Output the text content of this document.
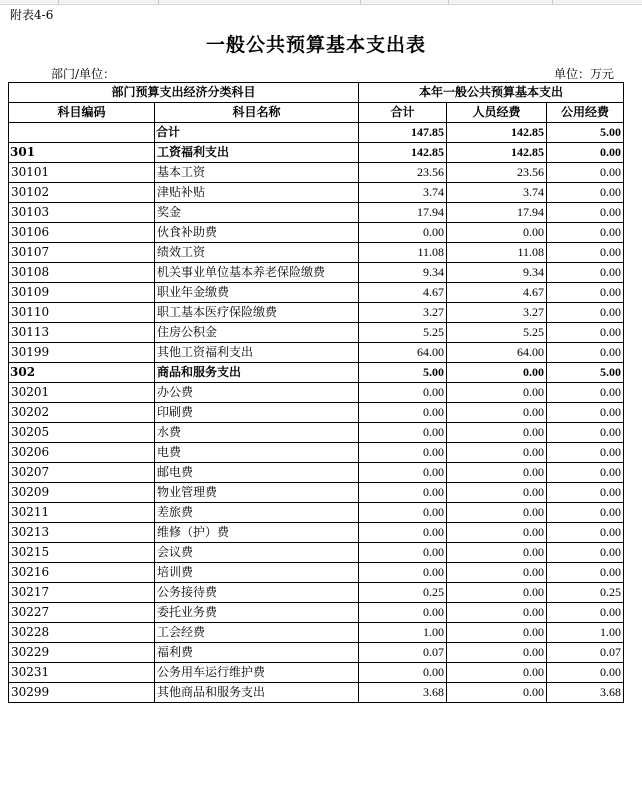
附表4-6
一般公共预算基本支出表
部门/单位：	单位：万元
部门预算支出经济分类科目		本年一般公共预算基本支出		
科目编码	科目名称	合计	人员经费	公用经费
	合计	147.85	142.85	5.00
301	工资福利支出	142.85	142.85	0.00
30101	基本工资	23.56	23.56	0.00
30102	津贴补贴	3.74	3.74	0.00
30103	奖金	17.94	17.94	0.00
30106	伙食补助费	0.00	0.00	0.00
30107	绩效工资	11.08	11.08	0.00
30108	机关事业单位基本养老保险缴费	9.34	9.34	0.00
30109	职业年金缴费	4.67	4.67	0.00
30110	职工基本医疗保险缴费	3.27	3.27	0.00
30113	住房公积金	5.25	5.25	0.00
30199	其他工资福利支出	64.00	64.00	0.00
302	商品和服务支出	5.00	0.00	5.00
30201	办公费	0.00	0.00	0.00
30202	印刷费	0.00	0.00	0.00
30205	水费	0.00	0.00	0.00
30206	电费	0.00	0.00	0.00
30207	邮电费	0.00	0.00	0.00
30209	物业管理费	0.00	0.00	0.00
30211	差旅费	0.00	0.00	0.00
30213	维修（护）费	0.00	0.00	0.00
30215	会议费	0.00	0.00	0.00
30216	培训费	0.00	0.00	0.00
30217	公务接待费	0.25	0.00	0.25
30227	委托业务费	0.00	0.00	0.00
30228	工会经费	1.00	0.00	1.00
30229	福利费	0.07	0.00	0.07
30231	公务用车运行维护费	0.00	0.00	0.00
30299	其他商品和服务支出	3.68	0.00	3.68
